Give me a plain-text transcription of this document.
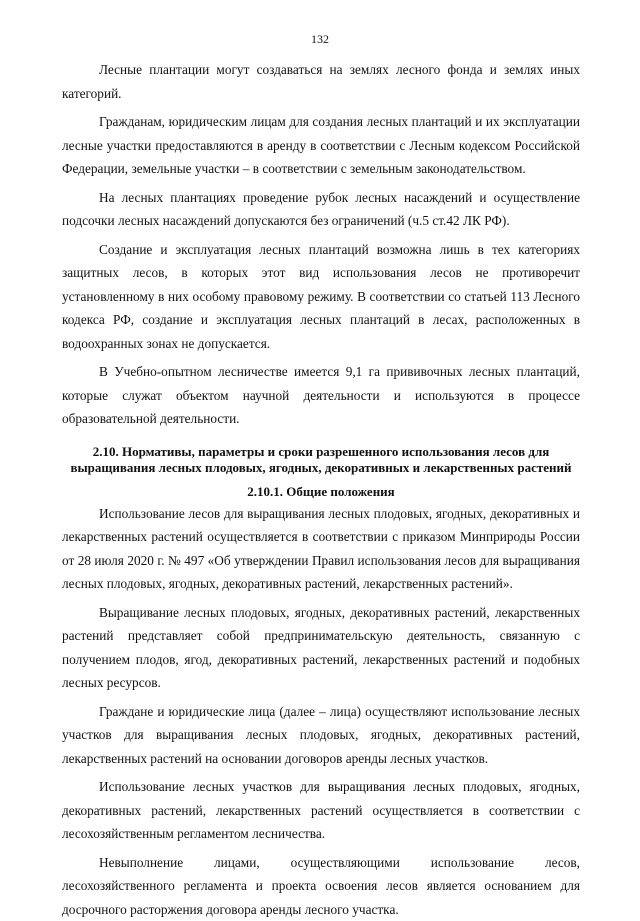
132

Лесные плантации могут создаваться на землях лесного фонда и землях иных категорий.

Гражданам, юридическим лицам для создания лесных плантаций и их эксплуатации лесные участки предоставляются в аренду в соответствии с Лесным кодексом Российской Федерации, земельные участки – в соответствии с земельным законодательством.

На лесных плантациях проведение рубок лесных насаждений и осуществление подсочки лесных насаждений допускаются без ограничений (ч.5 ст.42 ЛК РФ).

Создание и эксплуатация лесных плантаций возможна лишь в тех категориях защитных лесов, в которых этот вид использования лесов не противоречит установленному в них особому правовому режиму. В соответствии со статьей 113 Лесного кодекса РФ, создание и эксплуатация лесных плантаций в лесах, расположенных в водоохранных зонах не допускается.

В Учебно-опытном лесничестве имеется 9,1 га прививочных лесных плантаций, которые служат объектом научной деятельности и используются в процессе образовательной деятельности.

2.10. Нормативы, параметры и сроки разрешенного использования лесов для выращивания лесных плодовых, ягодных, декоративных и лекарственных растений
2.10.1. Общие положения

Использование лесов для выращивания лесных плодовых, ягодных, декоративных и лекарственных растений осуществляется в соответствии с приказом Минприроды России от 28 июля 2020 г. № 497 «Об утверждении Правил использования лесов для выращивания лесных плодовых, ягодных, декоративных растений, лекарственных растений».

Выращивание лесных плодовых, ягодных, декоративных растений, лекарственных растений представляет собой предпринимательскую деятельность, связанную с получением плодов, ягод, декоративных растений, лекарственных растений и подобных лесных ресурсов.

Граждане и юридические лица (далее – лица) осуществляют использование лесных участков для выращивания лесных плодовых, ягодных, декоративных растений, лекарственных растений на основании договоров аренды лесных участков.

Использование лесных участков для выращивания лесных плодовых, ягодных, декоративных растений, лекарственных растений осуществляется в соответствии с лесохозяйственным регламентом лесничества.

Невыполнение лицами, осуществляющими использование лесов, лесохозяйственного регламента и проекта освоения лесов является основанием для досрочного расторжения договора аренды лесного участка.
